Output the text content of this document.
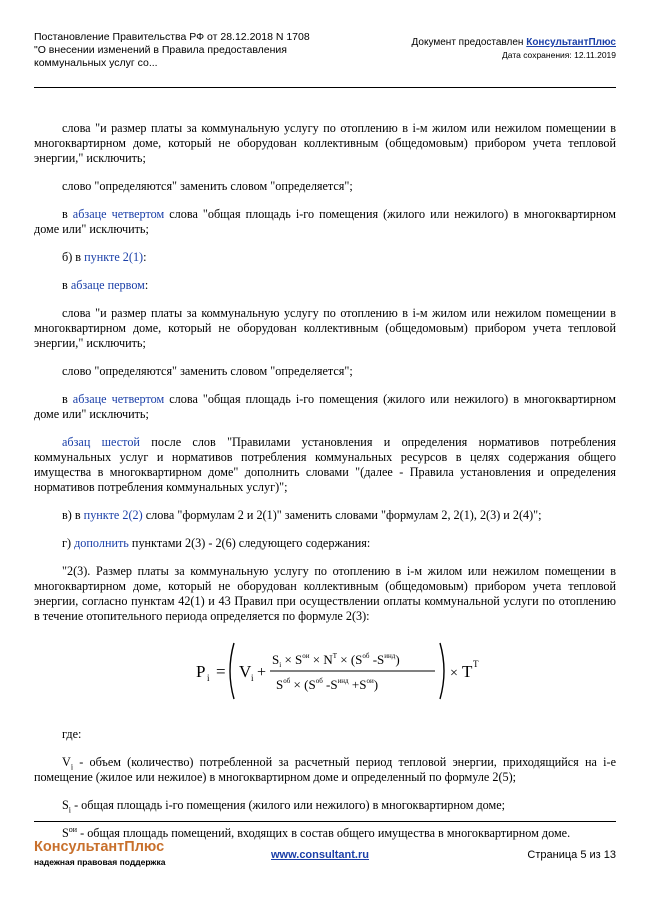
Постановление Правительства РФ от 28.12.2018 N 1708
"О внесении изменений в Правила предоставления
коммунальных услуг со...
Документ предоставлен КонсультантПлюс
Дата сохранения: 12.11.2019

слова "и размер платы за коммунальную услугу по отоплению в i-м жилом или нежилом помещении в многоквартирном доме, который не оборудован коллективным (общедомовым) прибором учета тепловой энергии," исключить;

слово "определяются" заменить словом "определяется";

в абзаце четвертом слова "общая площадь i-го помещения (жилого или нежилого) в многоквартирном доме или" исключить;

б) в пункте 2(1):

в абзаце первом:

слова "и размер платы за коммунальную услугу по отоплению в i-м жилом или нежилом помещении в многоквартирном доме, который не оборудован коллективным (общедомовым) прибором учета тепловой энергии," исключить;

слово "определяются" заменить словом "определяется";

в абзаце четвертом слова "общая площадь i-го помещения (жилого или нежилого) в многоквартирном доме или" исключить;

абзац шестой после слов "Правилами установления и определения нормативов потребления коммунальных услуг и нормативов потребления коммунальных ресурсов в целях содержания общего имущества в многоквартирном доме" дополнить словами "(далее - Правила установления и определения нормативов потребления коммунальных услуг)";

в) в пункте 2(2) слова "формулам 2 и 2(1)" заменить словами "формулам 2, 2(1), 2(3) и 2(4)";

г) дополнить пунктами 2(3) - 2(6) следующего содержания:

"2(3). Размер платы за коммунальную услугу по отоплению в i-м жилом или нежилом помещении в многоквартирном доме, который не оборудован коллективным (общедомовым) прибором учета тепловой энергии, согласно пунктам 42(1) и 43 Правил при осуществлении оплаты коммунальной услуги по отоплению в течение отопительного периода определяется по формуле 2(3):

P i = V i +
$S_i \times S^{ои} \times N^T \times (S^{об}$ $-S^{инд}$)
$S^{об} \times (S^{об}$ $-S^{инд} +S^{ои}$)
× T T

где:

$V_i$ - объем (количество) потребленной за расчетный период тепловой энергии, приходящийся на i-е помещение (жилое или нежилое) в многоквартирном доме и определенный по формуле 2(5);

$S_i$ - общая площадь i-го помещения (жилого или нежилого) в многоквартирном доме;

$S^{ои}$ - общая площадь помещений, входящих в состав общего имущества в многоквартирном доме.

КонсультантПлюс
надежная правовая поддержка
www.consultant.ru	Страница 5 из 13
